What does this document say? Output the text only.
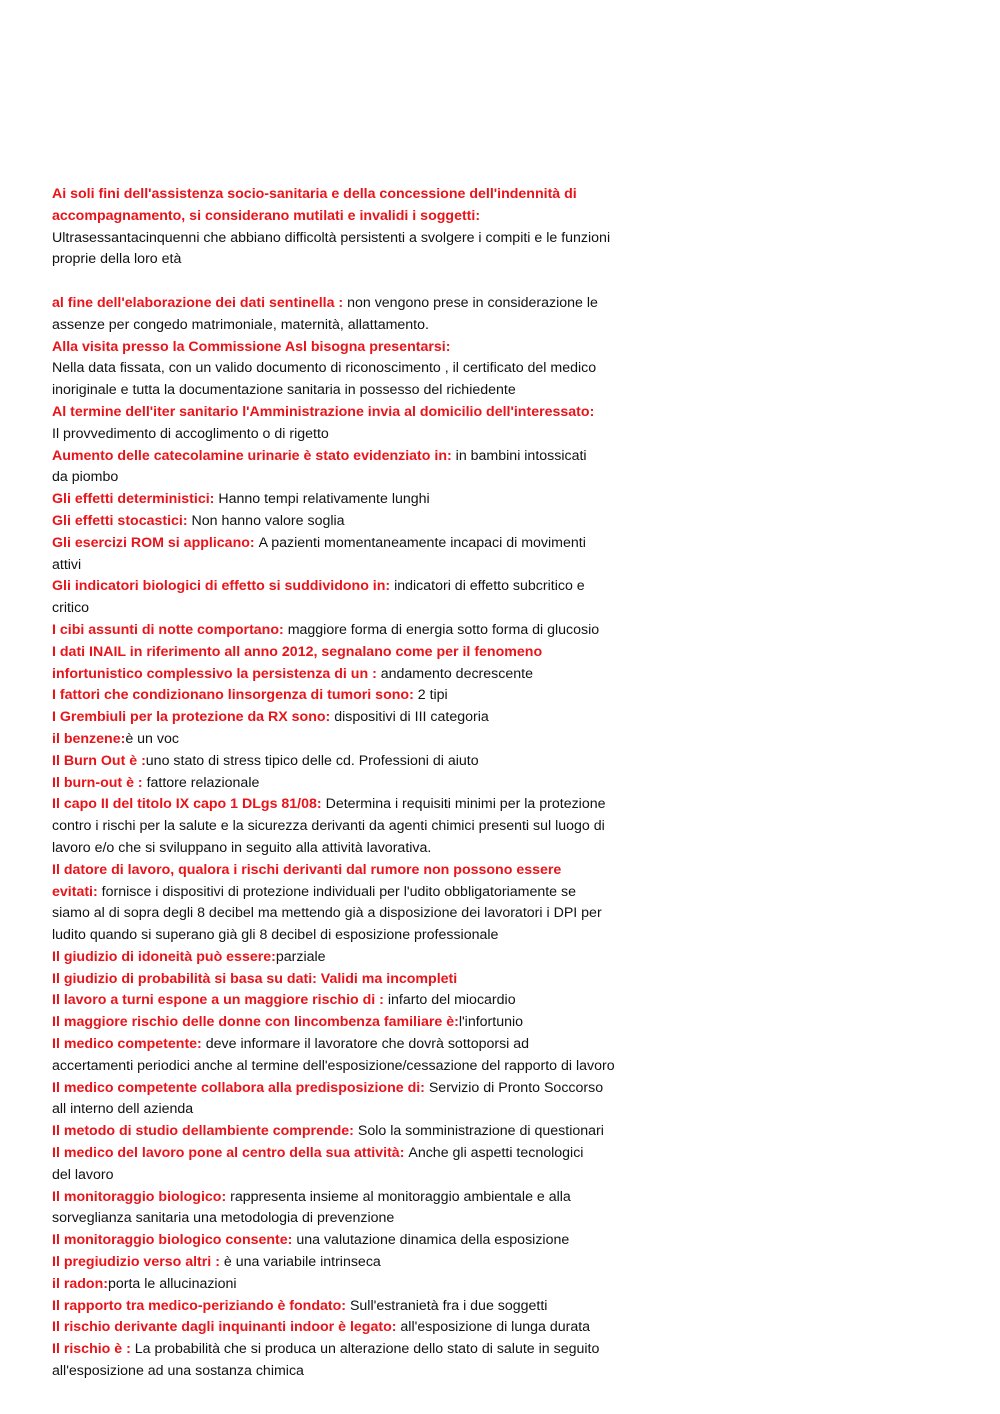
Ai soli fini dell'assistenza socio-sanitaria e della concessione dell'indennità di

accompagnamento, si considerano mutilati e invalidi i soggetti:

Ultrasessantacinquenni che abbiano difficoltà persistenti a svolgere i compiti e le funzioni

proprie della loro età

al fine dell'elaborazione dei dati sentinella : non vengono prese in considerazione le

assenze per congedo matrimoniale, maternità, allattamento.

Alla visita presso la Commissione Asl bisogna presentarsi:

Nella data fissata, con un valido documento di riconoscimento , il certificato del medico

inoriginale e tutta la documentazione sanitaria in possesso del richiedente

Al termine dell'iter sanitario l'Amministrazione invia al domicilio dell'interessato:

Il provvedimento di accoglimento o di rigetto

Aumento delle catecolamine urinarie è stato evidenziato in: in bambini intossicati

da piombo

Gli effetti deterministici: Hanno tempi relativamente lunghi

Gli effetti stocastici: Non hanno valore soglia

Gli esercizi ROM si applicano: A pazienti momentaneamente incapaci di movimenti

attivi

Gli indicatori biologici di effetto si suddividono in: indicatori di effetto subcritico e

critico

I cibi assunti di notte comportano: maggiore forma di energia sotto forma di glucosio

I dati INAIL in riferimento all anno 2012, segnalano come per il fenomeno

infortunistico complessivo la persistenza di un : andamento decrescente

I fattori che condizionano linsorgenza di tumori sono: 2 tipi

I Grembiuli per la protezione da RX sono: dispositivi di III categoria

il benzene:è un voc

Il Burn Out è :uno stato di stress tipico delle cd. Professioni di aiuto

Il burn-out è : fattore relazionale

Il capo II del titolo IX capo 1 DLgs 81/08: Determina i requisiti minimi per la protezione

contro i rischi per la salute e la sicurezza derivanti da agenti chimici presenti sul luogo di

lavoro e/o che si sviluppano in seguito alla attività lavorativa.

Il datore di lavoro, qualora i rischi derivanti dal rumore non possono essere

evitati: fornisce i dispositivi di protezione individuali per l'udito obbligatoriamente se

siamo al di sopra degli 8 decibel ma mettendo già a disposizione dei lavoratori i DPI per

ludito quando si superano già gli 8 decibel di esposizione professionale

Il giudizio di idoneità può essere:parziale

Il giudizio di probabilità si basa su dati: Validi ma incompleti

Il lavoro a turni espone a un maggiore rischio di : infarto del miocardio

Il maggiore rischio delle donne con lincombenza familiare è:l'infortunio

Il medico competente: deve informare il lavoratore che dovrà sottoporsi ad

accertamenti periodici anche al termine dell'esposizione/cessazione del rapporto di lavoro

Il medico competente collabora alla predisposizione di: Servizio di Pronto Soccorso

all interno dell azienda

Il metodo di studio dellambiente comprende: Solo la somministrazione di questionari

Il medico del lavoro pone al centro della sua attività: Anche gli aspetti tecnologici

del lavoro

Il monitoraggio biologico: rappresenta insieme al monitoraggio ambientale e alla

sorveglianza sanitaria una metodologia di prevenzione

Il monitoraggio biologico consente: una valutazione dinamica della esposizione

Il pregiudizio verso altri : è una variabile intrinseca

il radon:porta le allucinazioni

Il rapporto tra medico-periziando è fondato: Sull'estranietà fra i due soggetti

Il rischio derivante dagli inquinanti indoor è legato: all'esposizione di lunga durata

Il rischio è : La probabilità che si produca un alterazione dello stato di salute in seguito

all'esposizione ad una sostanza chimica
